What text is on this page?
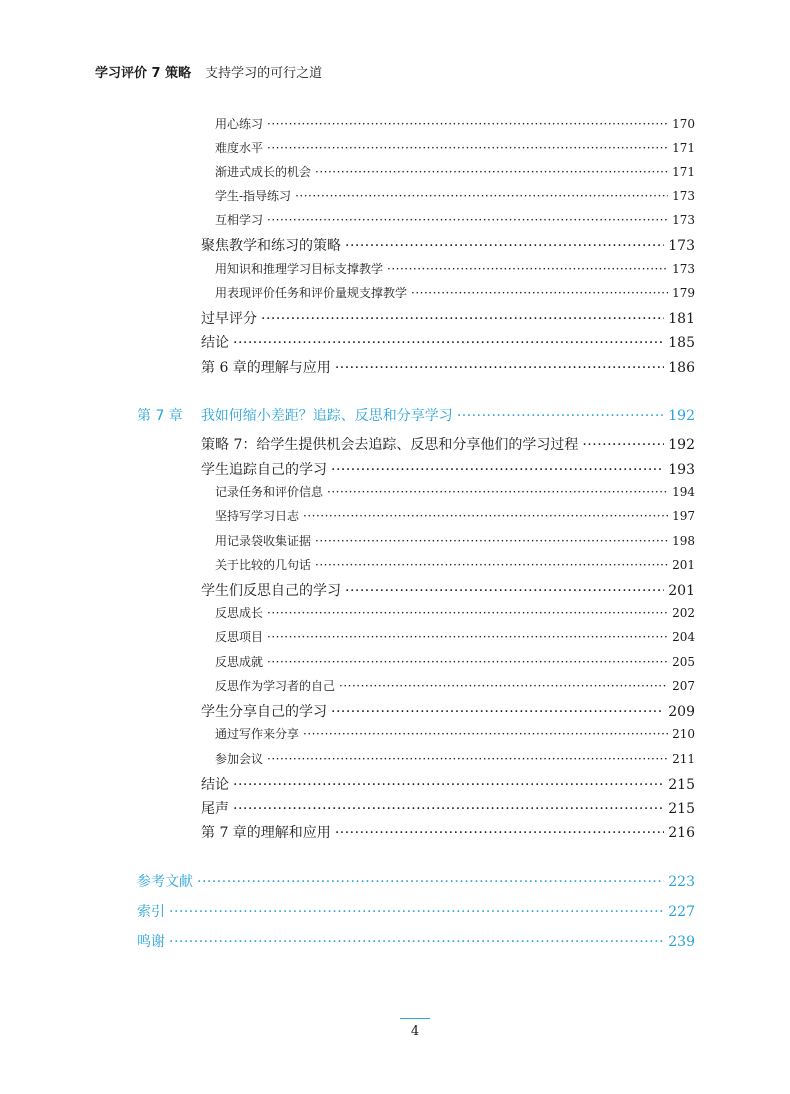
学习评价 7 策略 支持学习的可行之道
用心练习 ·····	170
难度水平 ·····	171
渐进式成长的机会 ·····	171
学生-指导练习 ·····	173
互相学习 ·····	173
聚焦教学和练习的策略 ·····	173
用知识和推理学习目标支撑教学 ·····	173
用表现评价任务和评价量规支撑教学 ·····	179
过早评分 ·····	181
结论 ·····	185
第 6 章的理解与应用 ·····	186
第 7 章 我如何缩小差距？追踪、反思和分享学习 ·····	192
策略 7：给学生提供机会去追踪、反思和分享他们的学习过程 ·····	192
学生追踪自己的学习 ·····	193
记录任务和评价信息 ·····	194
坚持写学习日志 ·····	197
用记录袋收集证据 ·····	198
关于比较的几句话 ·····	201
学生们反思自己的学习 ·····	201
反思成长 ·····	202
反思项目 ·····	204
反思成就 ·····	205
反思作为学习者的自己 ·····	207
学生分享自己的学习 ·····	209
通过写作来分享 ·····	210
参加会议 ·····	211
结论 ·····	215
尾声 ·····	215
第 7 章的理解和应用 ·····	216
参考文献 ·····	223
索引 ·····	227
鸣谢 ·····	239
4
